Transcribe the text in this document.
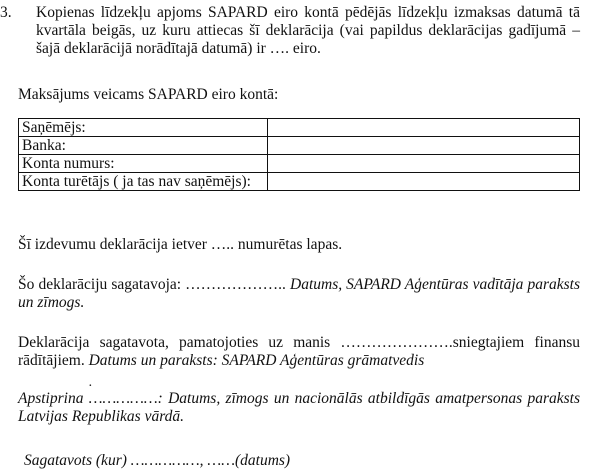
3. Kopienas līdzekļu apjoms SAPARD eiro kontā pēdējās līdzekļu izmaksas datumā tā kvartāla beigās, uz kuru attiecas šī deklarācija (vai papildus deklarācijas gadījumā – šajā deklarācijā norādītajā datumā) ir …. eiro.

Maksājums veicams SAPARD eiro kontā:

Saņēmējs:	
Banka:	
Konta numurs:	
Konta turētājs ( ja tas nav saņēmējs):	

Šī izdevumu deklarācija ietver ….. numurētas lapas.

Šo deklarāciju sagatavoja: ……………….. Datums, SAPARD Aģentūras vadītāja paraksts un zīmogs.

Deklarācija sagatavota, pamatojoties uz manis ………………….sniegtajiem finansu rādītājiem. Datums un paraksts: SAPARD Aģentūras grāmatvedis

·

Apstiprina ……………: Datums, zīmogs un nacionālās atbildīgās amatpersonas paraksts Latvijas Republikas vārdā.

Sagatavots (kur) ……………, ……(datums)
